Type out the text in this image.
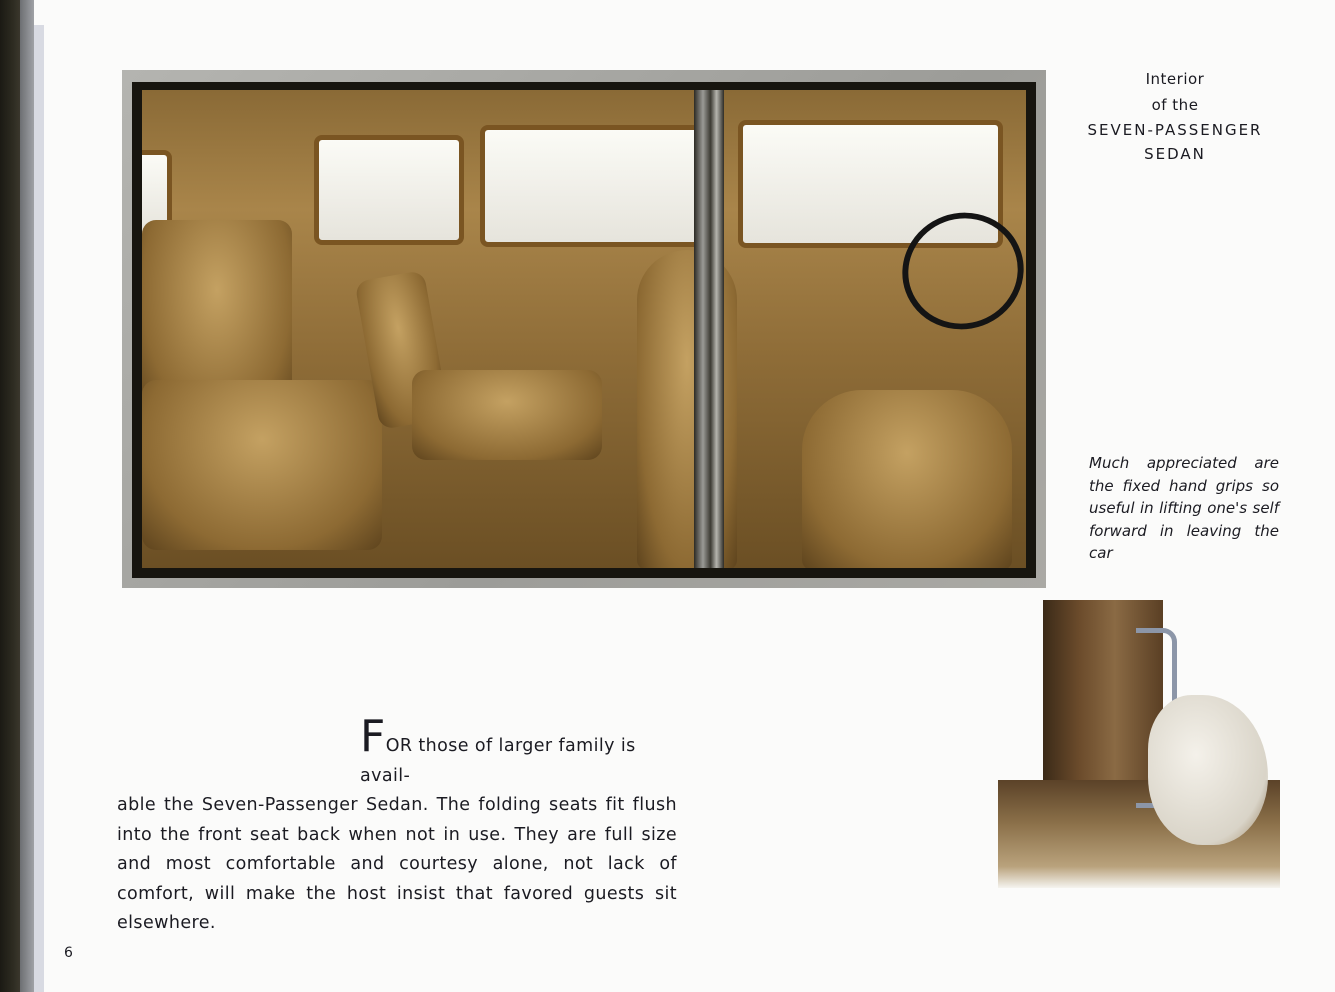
Interior
of the
SEVEN-PASSENGER
SEDAN
Much appreciated are the fixed hand grips so useful in lifting one's self forward in leaving the car
FOR those of larger family is avail-

able the Seven-Passenger Sedan. The folding seats fit flush into the front seat back when not in use. They are full size and most comfortable and courtesy alone, not lack of comfort, will make the host insist that favored guests sit elsewhere.

6
